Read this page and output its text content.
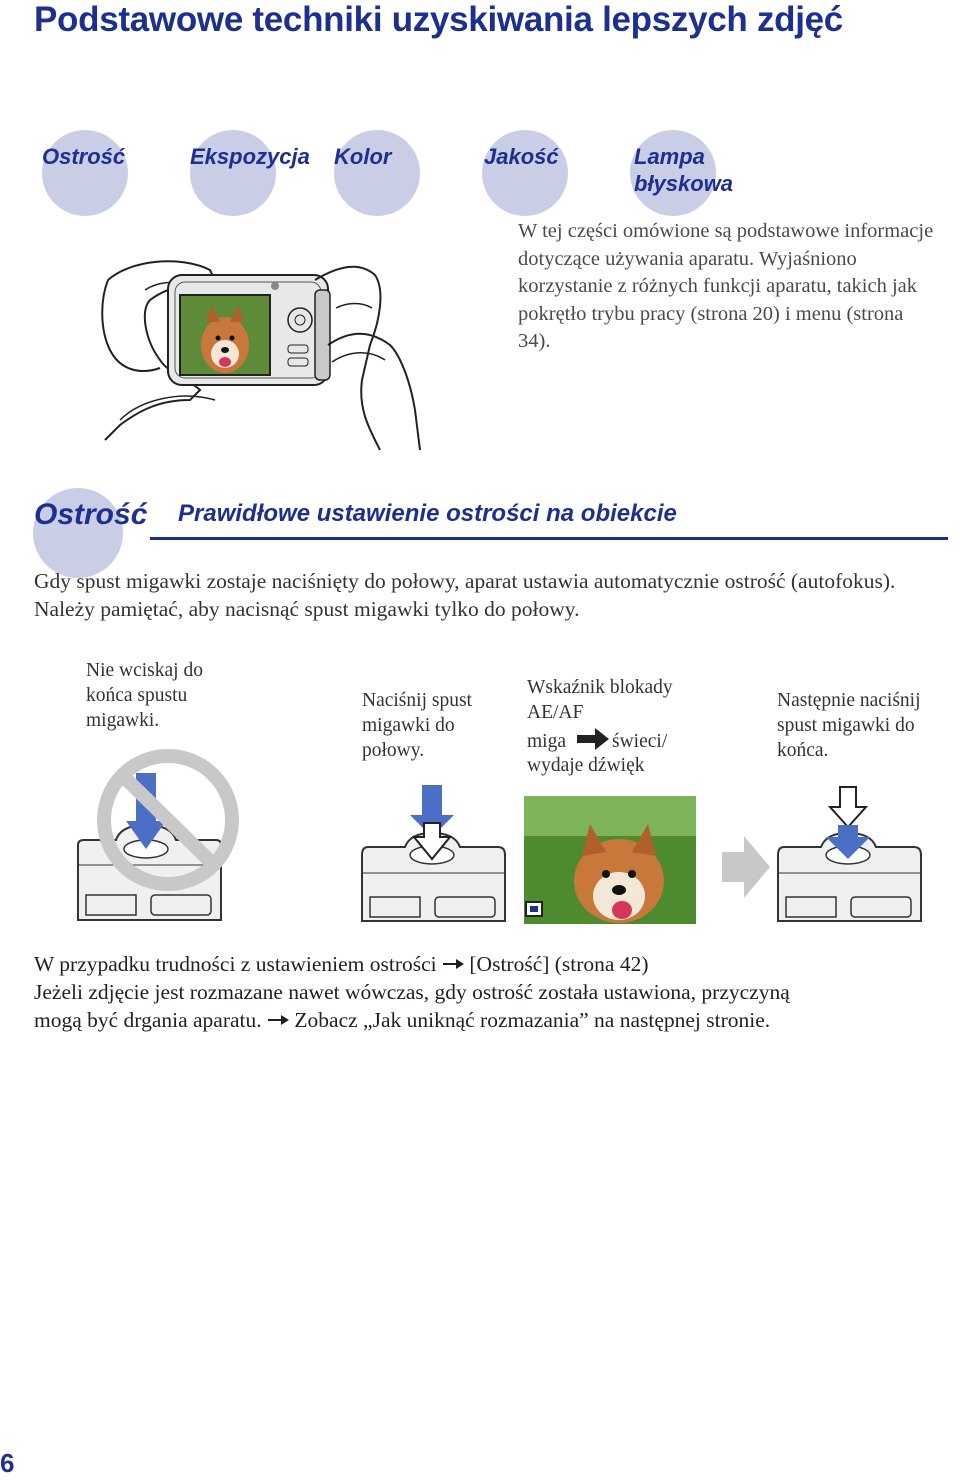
Podstawowe techniki uzyskiwania lepszych zdjęć
Ostrość	Ekspozycja Kolor	Jakość	Lampa błyskowa
W tej części omówione są podstawowe informacje dotyczące używania aparatu. Wyjaśniono korzystanie z różnych funkcji aparatu, takich jak pokrętło trybu pracy (strona 20) i menu (strona 34).
Ostrość Prawidłowe ustawienie ostrości na obiekcie
Gdy spust migawki zostaje naciśnięty do połowy, aparat ustawia automatycznie ostrość (autofokus). Należy pamiętać, aby nacisnąć spust migawki tylko do połowy.
Nie wciskaj do końca spustu migawki.
Naciśnij spust migawki do połowy.
Wskaźnik blokady AE/AF
miga świeci/
wydaje dźwięk
Następnie naciśnij spust migawki do końca.
W przypadku trudności z ustawieniem ostrości [Ostrość] (strona 42)
Jeżeli zdjęcie jest rozmazane nawet wówczas, gdy ostrość została ustawiona, przyczyną
mogą być drgania aparatu. Zobacz „Jak uniknąć rozmazania” na następnej stronie.
6
